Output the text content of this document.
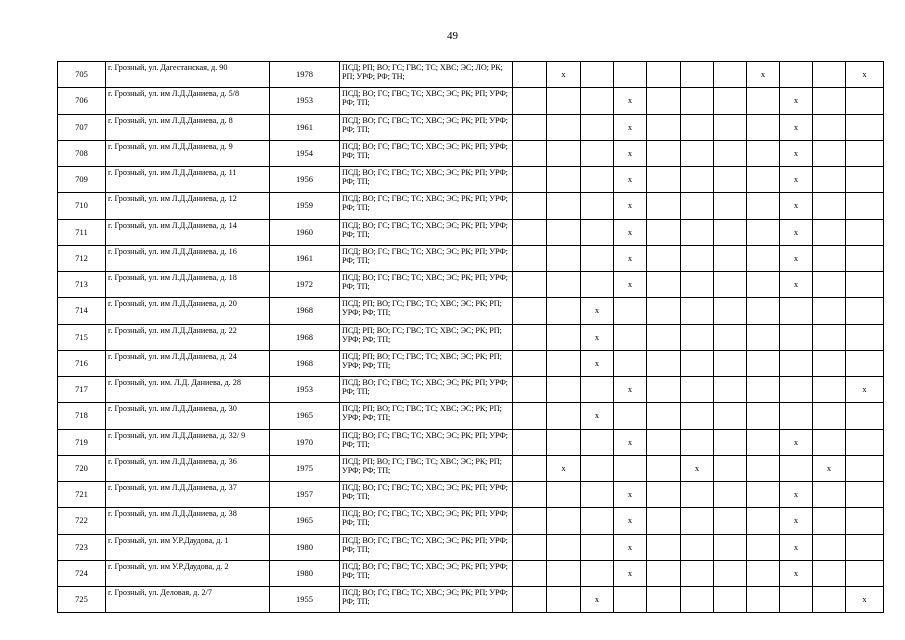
49
705	г. Грозный, ул. Дагестанская, д. 90	1978	ПСД; РП; ВО; ГС; ГВС; ТС; ХВС; ЭС; ЛО; РК; РП; УРФ; РФ; ТН;		x						x			x
706	г. Грозный, ул. им Л.Д.Даниева, д. 5/8	1953	ПСД; ВО; ГС; ГВС; ТС; ХВС; ЭС; РК; РП; УРФ; РФ; ТП;				x					x		
707	г. Грозный, ул. им Л.Д.Даниева, д. 8	1961	ПСД; ВО; ГС; ГВС; ТС; ХВС; ЭС; РК; РП; УРФ; РФ; ТП;				x					x		
708	г. Грозный, ул. им Л.Д.Даниева, д. 9	1954	ПСД; ВО; ГС; ГВС; ТС; ХВС; ЭС; РК; РП; УРФ; РФ; ТП;				x					x		
709	г. Грозный, ул. им Л.Д.Даниева, д. 11	1956	ПСД; ВО; ГС; ГВС; ТС; ХВС; ЭС; РК; РП; УРФ; РФ; ТП;				x					x		
710	г. Грозный, ул. им Л.Д.Даниева, д. 12	1959	ПСД; ВО; ГС; ГВС; ТС; ХВС; ЭС; РК; РП; УРФ; РФ; ТП;				x					x		
711	г. Грозный, ул. им Л.Д.Даниева, д. 14	1960	ПСД; ВО; ГС; ГВС; ТС; ХВС; ЭС; РК; РП; УРФ; РФ; ТП;				x					x		
712	г. Грозный, ул. им Л.Д.Даниева, д. 16	1961	ПСД; ВО; ГС; ГВС; ТС; ХВС; ЭС; РК; РП; УРФ; РФ; ТП;				x					x		
713	г. Грозный, ул. им Л.Д.Даниева, д. 18	1972	ПСД; ВО; ГС; ГВС; ТС; ХВС; ЭС; РК; РП; УРФ; РФ; ТП;				x					x		
714	г. Грозный, ул. им Л.Д.Даниева, д. 20	1968	ПСД; РП; ВО; ГС; ГВС; ТС; ХВС; ЭС; РК; РП; УРФ; РФ; ТП;			x								
715	г. Грозный, ул. им Л.Д.Даниева, д. 22	1968	ПСД; РП; ВО; ГС; ГВС; ТС; ХВС; ЭС; РК; РП; УРФ; РФ; ТП;			x								
716	г. Грозный, ул. им Л.Д.Даниева, д. 24	1968	ПСД; РП; ВО; ГС; ГВС; ТС; ХВС; ЭС; РК; РП; УРФ; РФ; ТП;			x								
717	г. Грозный, ул. им. Л.Д. Даниева, д. 28	1953	ПСД; ВО; ГС; ГВС; ТС; ХВС; ЭС; РК; РП; УРФ; РФ; ТП;				x							x
718	г. Грозный, ул. им Л.Д.Даниева, д. 30	1965	ПСД; РП; ВО; ГС; ГВС; ТС; ХВС; ЭС; РК; РП; УРФ; РФ; ТП;			x								
719	г. Грозный, ул. им Л.Д.Даниева, д. 32/ 9	1970	ПСД; ВО; ГС; ГВС; ТС; ХВС; ЭС; РК; РП; УРФ; РФ; ТП;				x					x		
720	г. Грозный, ул. им Л.Д.Даниева, д. 36	1975	ПСД; РП; ВО; ГС; ГВС; ТС; ХВС; ЭС; РК; РП; УРФ; РФ; ТП;		x				x				x	
721	г. Грозный, ул. им Л.Д.Даниева, д. 37	1957	ПСД; ВО; ГС; ГВС; ТС; ХВС; ЭС; РК; РП; УРФ; РФ; ТП;				x					x		
722	г. Грозный, ул. им Л.Д.Даниева, д. 38	1965	ПСД; ВО; ГС; ГВС; ТС; ХВС; ЭС; РК; РП; УРФ; РФ; ТП;				x					x		
723	г. Грозный, ул. им У.Р.Даудова, д. 1	1980	ПСД; ВО; ГС; ГВС; ТС; ХВС; ЭС; РК; РП; УРФ; РФ; ТП;				x					x		
724	г. Грозный, ул. им У.Р.Даудова, д. 2	1980	ПСД; ВО; ГС; ГВС; ТС; ХВС; ЭС; РК; РП; УРФ; РФ; ТП;				x					x		
725	г. Грозный, ул. Деловая, д. 2/7	1955	ПСД; ВО; ГС; ГВС; ТС; ХВС; ЭС; РК; РП; УРФ; РФ; ТП;			x								x
